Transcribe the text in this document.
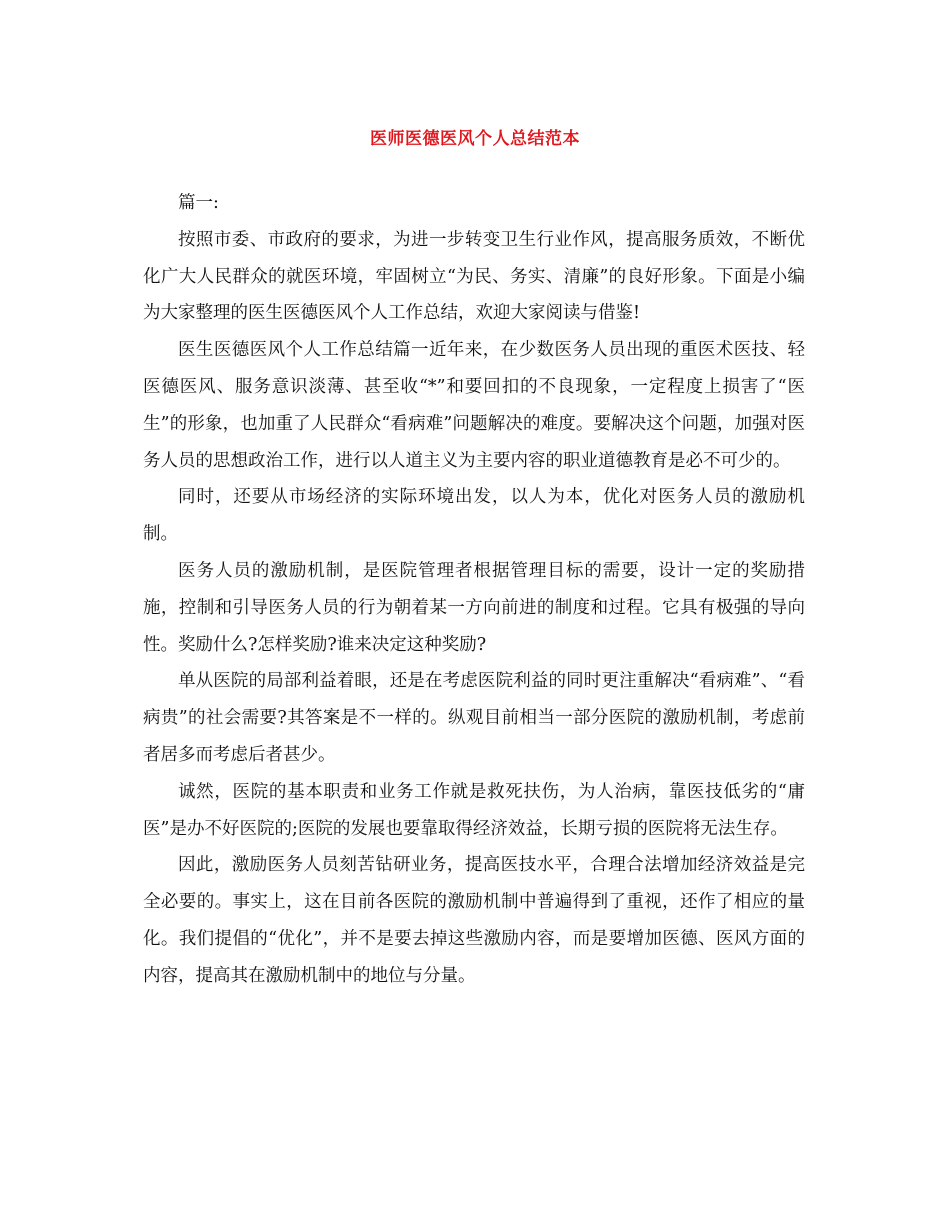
医师医德医风个人总结范本

篇一:

按照市委、市政府的要求，为进一步转变卫生行业作风，提高服务质效，不断优化广大人民群众的就医环境，牢固树立“为民、务实、清廉”的良好形象。下面是小编为大家整理的医生医德医风个人工作总结，欢迎大家阅读与借鉴!

医生医德医风个人工作总结篇一近年来，在少数医务人员出现的重医术医技、轻医德医风、服务意识淡薄、甚至收“*”和要回扣的不良现象，一定程度上损害了“医生”的形象，也加重了人民群众“看病难”问题解决的难度。要解决这个问题，加强对医务人员的思想政治工作，进行以人道主义为主要内容的职业道德教育是必不可少的。

同时，还要从市场经济的实际环境出发，以人为本，优化对医务人员的激励机制。

医务人员的激励机制，是医院管理者根据管理目标的需要，设计一定的奖励措施，控制和引导医务人员的行为朝着某一方向前进的制度和过程。它具有极强的导向性。奖励什么?怎样奖励?谁来决定这种奖励?

单从医院的局部利益着眼，还是在考虑医院利益的同时更注重解决“看病难”、“看病贵”的社会需要?其答案是不一样的。纵观目前相当一部分医院的激励机制，考虑前者居多而考虑后者甚少。

诚然，医院的基本职责和业务工作就是救死扶伤，为人治病，靠医技低劣的“庸医”是办不好医院的;医院的发展也要靠取得经济效益，长期亏损的医院将无法生存。

因此，激励医务人员刻苦钻研业务，提高医技水平，合理合法增加经济效益是完全必要的。事实上，这在目前各医院的激励机制中普遍得到了重视，还作了相应的量化。我们提倡的“优化”，并不是要去掉这些激励内容，而是要增加医德、医风方面的内容，提高其在激励机制中的地位与分量。
